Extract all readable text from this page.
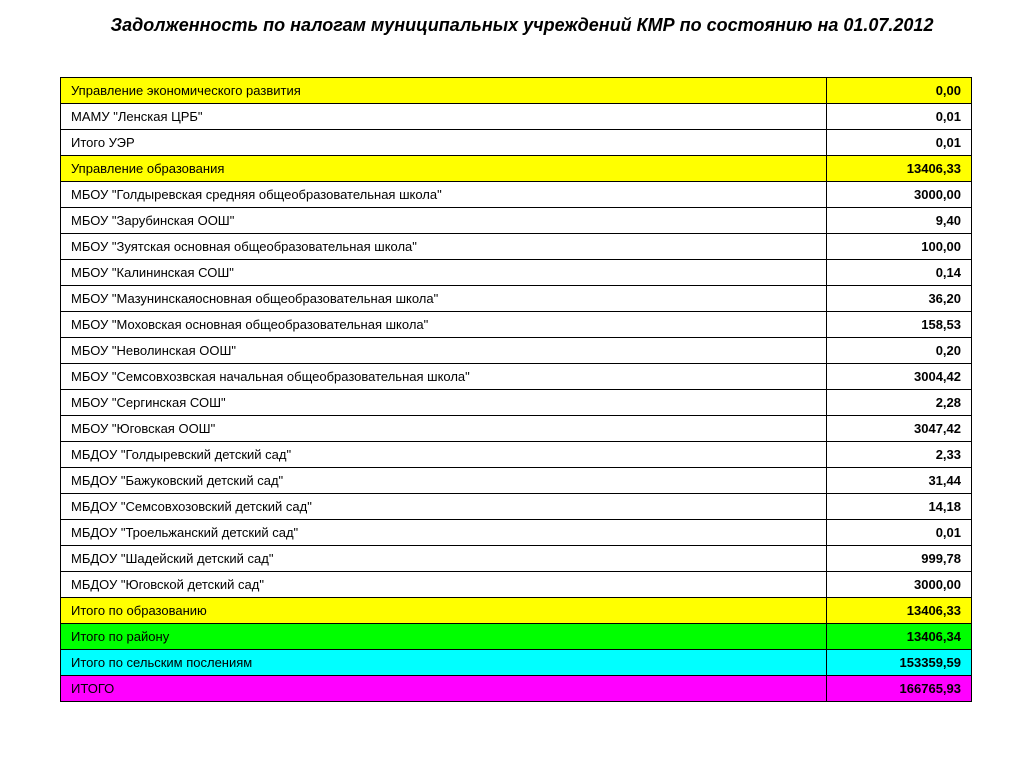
Задолженность по налогам муниципальных учреждений КМР по состоянию на 01.07.2012
Управление экономического развития	0,00
МАМУ "Ленская ЦРБ"	0,01
Итого УЭР	0,01
Управление образования	13406,33
МБОУ "Голдыревская средняя общеобразовательная школа"	3000,00
МБОУ "Зарубинская ООШ"	9,40
МБОУ "Зуятская основная общеобразовательная школа"	100,00
МБОУ "Калининская СОШ"	0,14
МБОУ "Мазунинскаяосновная общеобразовательная школа"	36,20
МБОУ "Моховская основная общеобразовательная школа"	158,53
МБОУ "Неволинская ООШ"	0,20
МБОУ "Семсовхозвская начальная общеобразовательная школа"	3004,42
МБОУ "Сергинская СОШ"	2,28
МБОУ "Юговская ООШ"	3047,42
МБДОУ "Голдыревский детский сад"	2,33
МБДОУ "Бажуковский детский сад"	31,44
МБДОУ "Семсовхозовский детский сад"	14,18
МБДОУ "Троельжанский детский сад"	0,01
МБДОУ "Шадейский детский сад"	999,78
МБДОУ "Юговской детский сад"	3000,00
Итого по образованию	13406,33
Итого по району	13406,34
Итого по сельским послениям	153359,59
ИТОГО	166765,93
